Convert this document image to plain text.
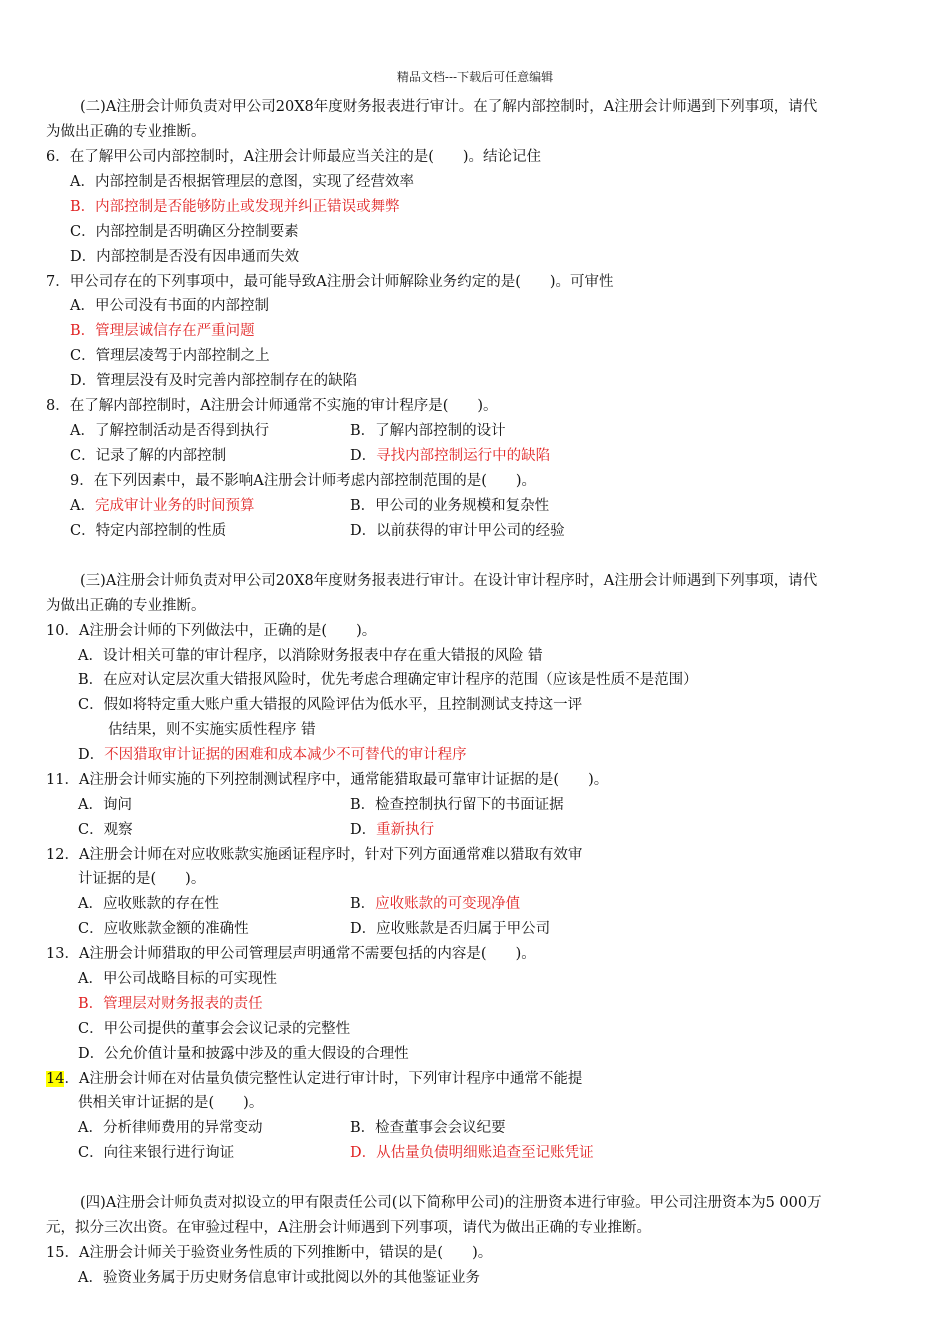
精品文档---下载后可任意编辑
(二)A注册会计师负责对甲公司20X8年度财务报表进行审计。在了解内部控制时，A注册会计师遇到下列事项，请代
为做出正确的专业推断。
6．在了解甲公司内部控制时，A注册会计师最应当关注的是(　　)。结论记住
A．内部控制是否根据管理层的意图，实现了经营效率
B．内部控制是否能够防止或发现并纠正错误或舞弊
C．内部控制是否明确区分控制要素
D．内部控制是否没有因串通而失效
7．甲公司存在的下列事项中，最可能导致A注册会计师解除业务约定的是(　　)。可审性
A．甲公司没有书面的内部控制
B．管理层诚信存在严重问题
C．管理层凌驾于内部控制之上
D．管理层没有及时完善内部控制存在的缺陷
8．在了解内部控制时，A注册会计师通常不实施的审计程序是(　　)。
A．了解控制活动是否得到执行	B．了解内部控制的设计
C．记录了解的内部控制	D．寻找内部控制运行中的缺陷
9．在下列因素中，最不影响A注册会计师考虑内部控制范围的是(　　)。
A．完成审计业务的时间预算	B．甲公司的业务规模和复杂性
C．特定内部控制的性质	D．以前获得的审计甲公司的经验
(三)A注册会计师负责对甲公司20X8年度财务报表进行审计。在设计审计程序时，A注册会计师遇到下列事项，请代
为做出正确的专业推断。
10．A注册会计师的下列做法中，正确的是(　　)。
A．设计相关可靠的审计程序，以消除财务报表中存在重大错报的风险 错
B．在应对认定层次重大错报风险时，优先考虑合理确定审计程序的范围（应该是性质不是范围）
C．假如将特定重大账户重大错报的风险评估为低水平，且控制测试支持这一评
估结果，则不实施实质性程序 错
D．不因猎取审计证据的困难和成本减少不可替代的审计程序
11．A注册会计师实施的下列控制测试程序中，通常能猎取最可靠审计证据的是(　　)。
A．询问	B．检查控制执行留下的书面证据
C．观察	D．重新执行
12．A注册会计师在对应收账款实施函证程序时，针对下列方面通常难以猎取有效审
计证据的是(　　)。
A．应收账款的存在性	B．应收账款的可变现净值
C．应收账款金额的准确性	D．应收账款是否归属于甲公司
13．A注册会计师猎取的甲公司管理层声明通常不需要包括的内容是(　　)。
A．甲公司战略目标的可实现性
B．管理层对财务报表的责任
C．甲公司提供的董事会会议记录的完整性
D．公允价值计量和披露中涉及的重大假设的合理性
14．A注册会计师在对估量负债完整性认定进行审计时，下列审计程序中通常不能提
供相关审计证据的是(　　)。
A．分析律师费用的异常变动	B．检查董事会会议纪要
C．向往来银行进行询证	D．从估量负债明细账追查至记账凭证
(四)A注册会计师负责对拟设立的甲有限责任公司(以下简称甲公司)的注册资本进行审验。甲公司注册资本为5 000万
元，拟分三次出资。在审验过程中，A注册会计师遇到下列事项，请代为做出正确的专业推断。
15．A注册会计师关于验资业务性质的下列推断中，错误的是(　　)。
A．验资业务属于历史财务信息审计或批阅以外的其他鉴证业务
